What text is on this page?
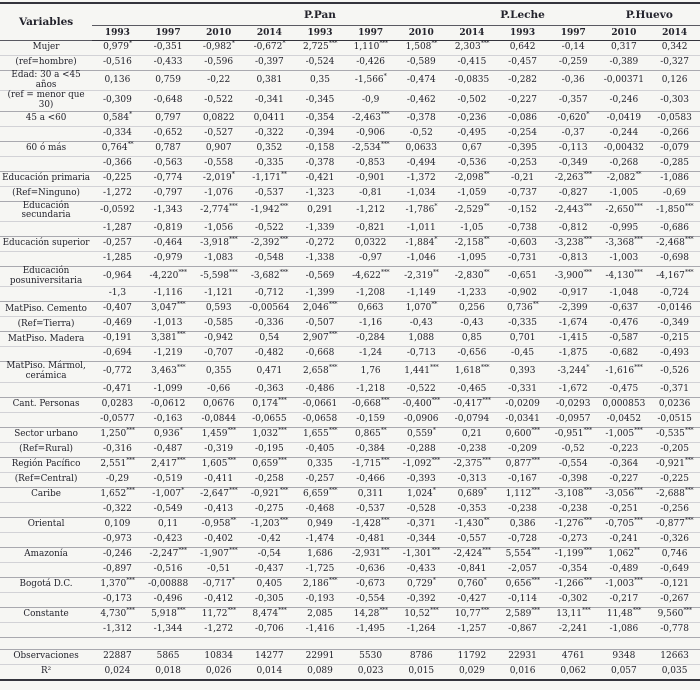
Variables					P.Pan				P.Leche		P.Huevo	
	1993	1997	2010	2014	1993	1997	2010	2014	1993	1997	2010	2014
Mujer	0,979*	-0,351	-0,982*	-0,672*	2,725***	1,110***	1,508**	2,303***	0,642	-0,14	0,317	0,342
(ref=hombre)	-0,516	-0,433	-0,596	-0,397	-0,524	-0,426	-0,589	-0,415	-0,457	-0,259	-0,389	-0,327
Edad: 30 a <45 años	0,136	0,759	-0,22	0,381	0,35	-1,566*	-0,474	-0,0835	-0,282	-0,36	-0,00371	0,126
(ref = menor que 30)	-0,309	-0,648	-0,522	-0,341	-0,345	-0,9	-0,462	-0,502	-0,227	-0,357	-0,246	-0,303
45 a <60	0,584*	0,797	0,0822	0,0411	-0,354	-2,463***	-0,378	-0,236	-0,086	-0,620*	-0,0419	-0,0583
	-0,334	-0,652	-0,527	-0,322	-0,394	-0,906	-0,52	-0,495	-0,254	-0,37	-0,244	-0,266
60 ó más	0,764**	0,787	0,907	0,352	-0,158	-2,534***	0,0633	0,67	-0,395	-0,113	-0,00432	-0,079
	-0,366	-0,563	-0,558	-0,335	-0,378	-0,853	-0,494	-0,536	-0,253	-0,349	-0,268	-0,285
Educación primaria	-0,225	-0,774	-2,019*	-1,171**	-0,421	-0,901	-1,372	-2,098**	-0,21	-2,263***	-2,082**	-1,086
(Ref=Ninguno)	-1,272	-0,797	-1,076	-0,537	-1,323	-0,81	-1,034	-1,059	-0,737	-0,827	-1,005	-0,69
Educación secundaria	-0,0592	-1,343	-2,774***	-1,942***	0,291	-1,212	-1,786*	-2,529**	-0,152	-2,443***	-2,650***	-1,850***
	-1,287	-0,819	-1,056	-0,522	-1,339	-0,821	-1,011	-1,05	-0,738	-0,812	-0,995	-0,686
Educación superior	-0,257	-0,464	-3,918***	-2,392***	-0,272	0,0322	-1,884*	-2,158**	-0,603	-3,238***	-3,368***	-2,468***
	-1,285	-0,979	-1,083	-0,548	-1,338	-0,97	-1,046	-1,095	-0,731	-0,813	-1,003	-0,698
Educación posuniversitaria	-0,964	-4,220***	-5,598***	-3,682***	-0,569	-4,622***	-2,319**	-2,830**	-0,651	-3,900***	-4,130***	-4,167***
	-1,3	-1,116	-1,121	-0,712	-1,399	-1,208	-1,149	-1,233	-0,902	-0,917	-1,048	-0,724
MatPiso. Cemento	-0,407	3,047***	0,593	-0,00564	2,046***	0,663	1,070**	0,256	0,736**	-2,399	-0,637	-0,0146
(Ref=Tierra)	-0,469	-1,013	-0,585	-0,336	-0,507	-1,16	-0,43	-0,43	-0,335	-1,674	-0,476	-0,349
MatPiso. Madera	-0,191	3,381***	-0,942	0,54	2,907***	-0,284	1,088	0,85	0,701	-1,415	-0,587	-0,215
	-0,694	-1,219	-0,707	-0,482	-0,668	-1,24	-0,713	-0,656	-0,45	-1,875	-0,682	-0,493
MatPiso. Mármol, cerámica	-0,772	3,463***	0,355	0,471	2,658***	1,76	1,441***	1,618***	0,393	-3,244*	-1,616***	-0,526
	-0,471	-1,099	-0,66	-0,363	-0,486	-1,218	-0,522	-0,465	-0,331	-1,672	-0,475	-0,371
Cant. Personas	0,0283	-0,0612	0,0676	0,174***	-0,0661	-0,668***	-0,400***	-0,417***	-0,0209	-0,0293	0,000853	0,0236
	-0,0577	-0,163	-0,0844	-0,0655	-0,0658	-0,159	-0,0906	-0,0794	-0,0341	-0,0957	-0,0452	-0,0515
Sector urbano	1,250***	0,936*	1,459***	1,032***	1,655***	0,865**	0,559*	0,21	0,600***	-0,951***	-1,005***	-0,535***
(Ref=Rural)	-0,316	-0,487	-0,319	-0,195	-0,405	-0,384	-0,288	-0,238	-0,209	-0,52	-0,223	-0,205
Región Pacífico	2,551***	2,417***	1,605***	0,659***	0,335	-1,715***	-1,092***	-2,375***	0,877***	-0,554	-0,364	-0,921***
(Ref=Central)	-0,29	-0,519	-0,411	-0,258	-0,257	-0,466	-0,393	-0,313	-0,167	-0,398	-0,227	-0,225
Caribe	1,652***	-1,007*	-2,647***	-0,921***	6,659***	0,311	1,024*	0,689*	1,112***	-3,108***	-3,056***	-2,688***
	-0,322	-0,549	-0,413	-0,275	-0,468	-0,537	-0,528	-0,353	-0,238	-0,238	-0,251	-0,256
Oriental	0,109	0,11	-0,958**	-1,203***	0,949	-1,428***	-0,371	-1,430**	0,386	-1,276***	-0,705***	-0,877***
	-0,973	-0,423	-0,402	-0,42	-1,474	-0,481	-0,344	-0,557	-0,728	-0,273	-0,241	-0,326
Amazonía	-0,246	-2,247***	-1,907***	-0,54	1,686	-2,931***	-1,301***	-2,424***	5,554***	-1,199***	1,062**	0,746
	-0,897	-0,516	-0,51	-0,437	-1,725	-0,636	-0,433	-0,841	-2,057	-0,354	-0,489	-0,649
Bogotá D.C.	1,370***	-0,00888	-0,717*	0,405	2,186***	-0,673	0,729*	0,760*	0,656***	-1,266***	-1,003***	-0,121
	-0,173	-0,496	-0,412	-0,305	-0,193	-0,554	-0,392	-0,427	-0,114	-0,302	-0,217	-0,267
Constante	4,730***	5,918***	11,72***	8,474***	2,085	14,28***	10,52***	10,77***	2,589***	13,11***	11,48***	9,560***
	-1,312	-1,344	-1,272	-0,706	-1,416	-1,495	-1,264	-1,257	-0,867	-2,241	-1,086	-0,778

Observaciones	22887	5865	10834	14277	22991	5530	8786	11792	22931	4761	9348	12663
R²	0,024	0,018	0,026	0,014	0,089	0,023	0,015	0,029	0,016	0,062	0,057	0,035
